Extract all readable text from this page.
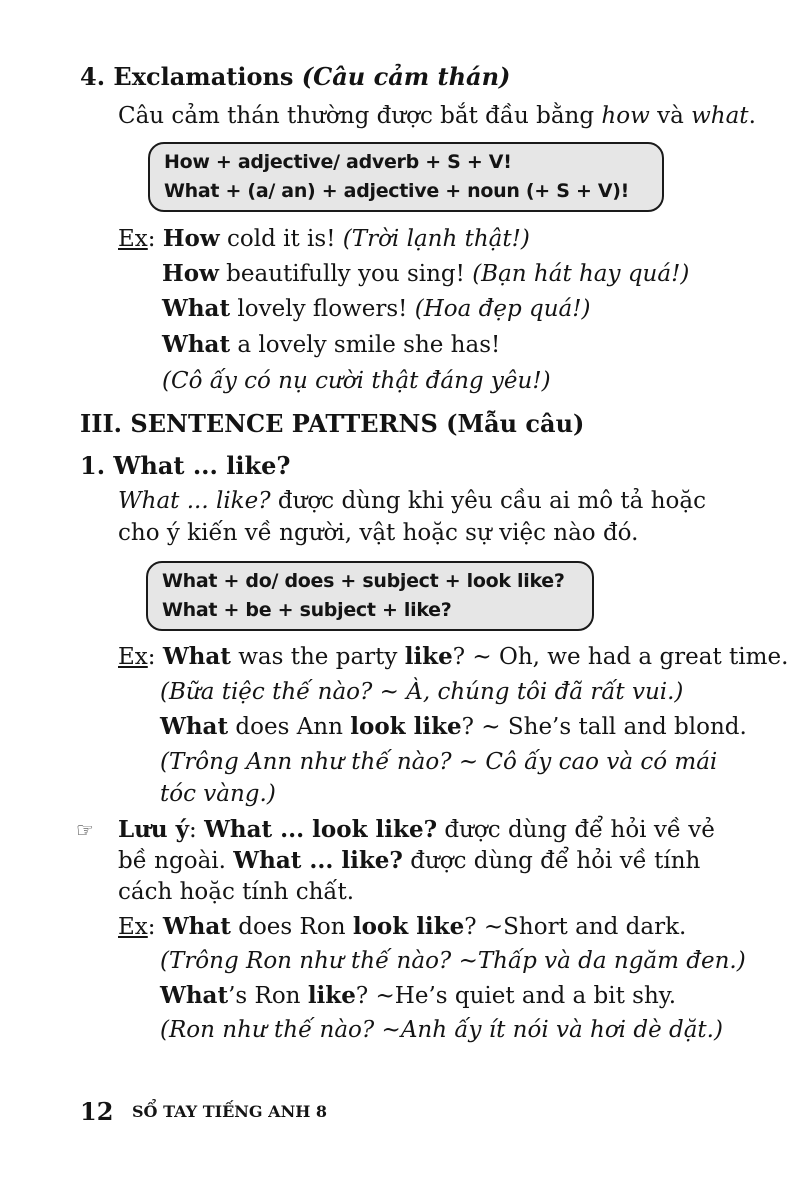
4. Exclamations (Câu cảm thán)
Câu cảm thán thường được bắt đầu bằng how và what.
How + adjective/ adverb + S + V!
What + (a/ an) + adjective + noun (+ S + V)!
Ex: How cold it is! (Trời lạnh thật!)
How beautifully you sing! (Bạn hát hay quá!)
What lovely flowers! (Hoa đẹp quá!)
What a lovely smile she has!
(Cô ấy có nụ cười thật đáng yêu!)
III. SENTENCE PATTERNS (Mẫu câu)
1. What ... like?
What ... like? được dùng khi yêu cầu ai mô tả hoặc
cho ý kiến về người, vật hoặc sự việc nào đó.
What + do/ does + subject + look like?
What + be + subject + like?
Ex: What was the party like? ~ Oh, we had a great time.
(Bữa tiệc thế nào? ~ À, chúng tôi đã rất vui.)
What does Ann look like? ~ She’s tall and blond.
(Trông Ann như thế nào? ~ Cô ấy cao và có mái
tóc vàng.)
☞ Lưu ý: What ... look like? được dùng để hỏi về vẻ
bề ngoài. What ... like? được dùng để hỏi về tính
cách hoặc tính chất.
Ex: What does Ron look like? ~Short and dark.
(Trông Ron như thế nào? ~Thấp và da ngăm đen.)
What’s Ron like? ~He’s quiet and a bit shy.
(Ron như thế nào? ~Anh ấy ít nói và hơi dè dặt.)
12 SỔ TAY TIẾNG ANH 8
